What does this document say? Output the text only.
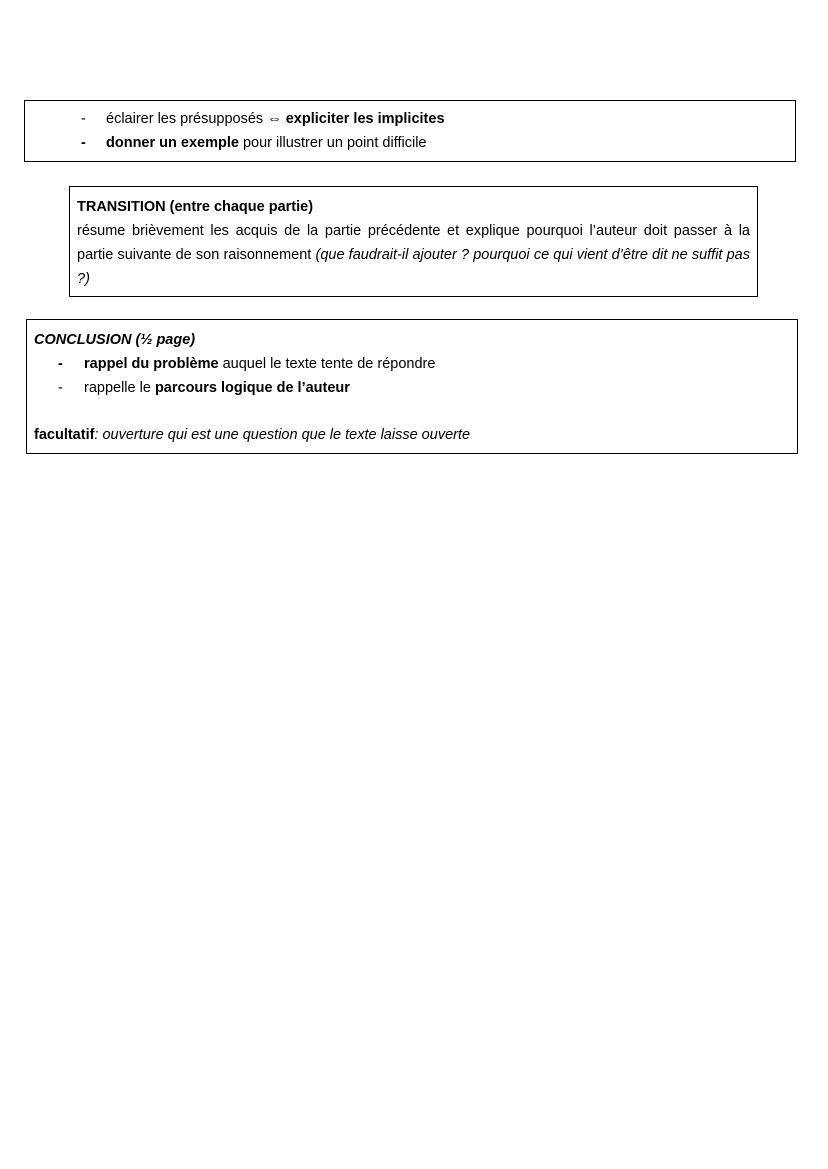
- éclairer les présupposés ⇔ expliciter les implicites
- donner un exemple pour illustrer un point difficile
TRANSITION (entre chaque partie)
résume brièvement les acquis de la partie précédente et explique pourquoi l’auteur doit passer à la partie suivante de son raisonnement (que faudrait-il ajouter ? pourquoi ce qui vient d’être dit ne suffit pas ?)
CONCLUSION (½ page)
- rappel du problème auquel le texte tente de répondre
- rappelle le parcours logique de l’auteur
facultatif: ouverture qui est une question que le texte laisse ouverte
